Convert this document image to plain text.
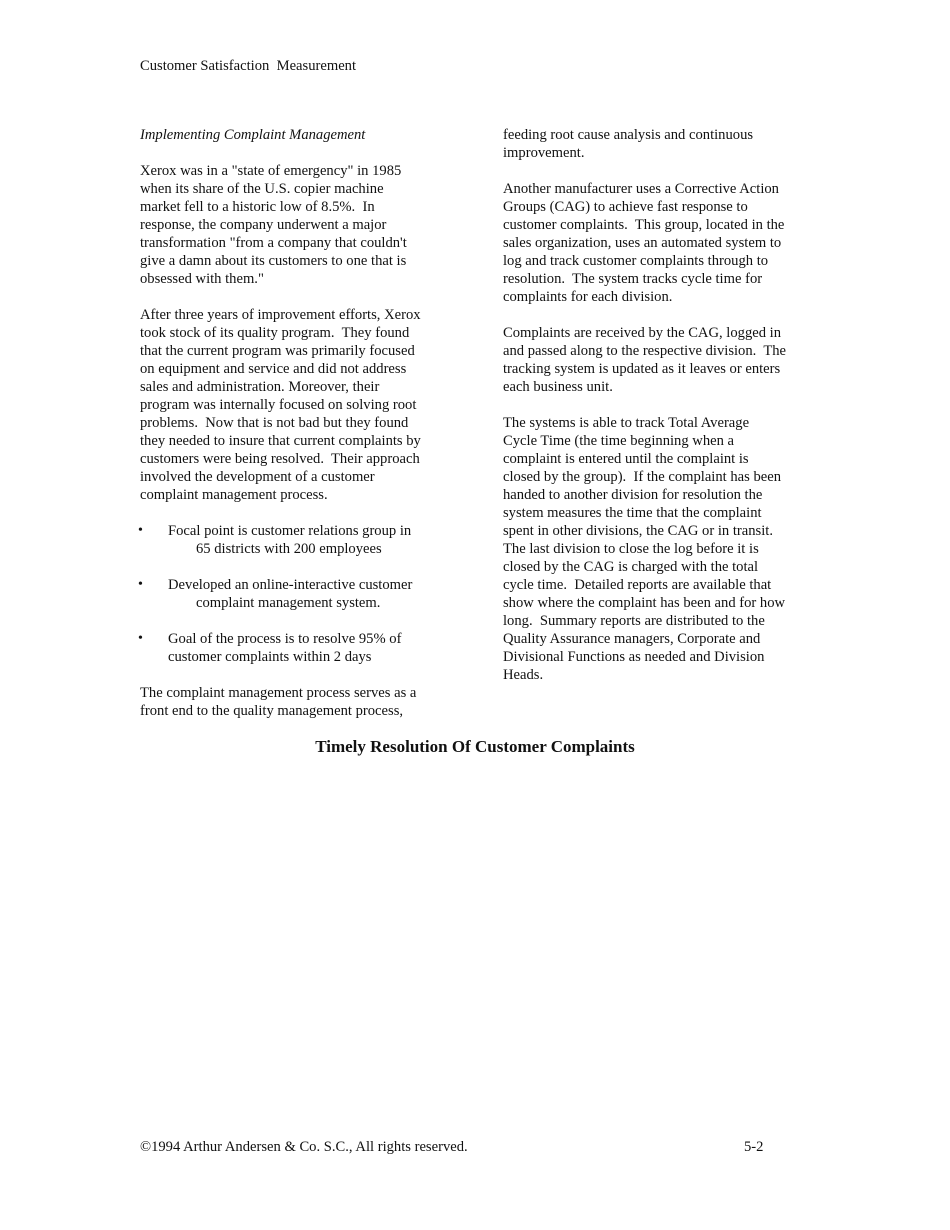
Customer Satisfaction  Measurement
Implementing Complaint Management
Xerox was in a "state of emergency" in 1985
when its share of the U.S. copier machine
market fell to a historic low of 8.5%.  In
response, the company underwent a major
transformation "from a company that couldn't
give a damn about its customers to one that is
obsessed with them."
After three years of improvement efforts, Xerox
took stock of its quality program.  They found
that the current program was primarily focused
on equipment and service and did not address
sales and administration. Moreover, their
program was internally focused on solving root
problems.  Now that is not bad but they found
they needed to insure that current complaints by
customers were being resolved.  Their approach
involved the development of a customer
complaint management process.
• Focal point is customer relations group in
65 districts with 200 employees
• Developed an online-interactive customer
complaint management system.
• Goal of the process is to resolve 95% of
customer complaints within 2 days
The complaint management process serves as a
front end to the quality management process,
feeding root cause analysis and continuous
improvement.
Another manufacturer uses a Corrective Action
Groups (CAG) to achieve fast response to
customer complaints.  This group, located in the
sales organization, uses an automated system to
log and track customer complaints through to
resolution.  The system tracks cycle time for
complaints for each division.
Complaints are received by the CAG, logged in
and passed along to the respective division.  The
tracking system is updated as it leaves or enters
each business unit.
The systems is able to track Total Average
Cycle Time (the time beginning when a
complaint is entered until the complaint is
closed by the group).  If the complaint has been
handed to another division for resolution the
system measures the time that the complaint
spent in other divisions, the CAG or in transit.
The last division to close the log before it is
closed by the CAG is charged with the total
cycle time.  Detailed reports are available that
show where the complaint has been and for how
long.  Summary reports are distributed to the
Quality Assurance managers, Corporate and
Divisional Functions as needed and Division
Heads.
Timely Resolution Of Customer Complaints
©1994 Arthur Andersen & Co. S.C., All rights reserved.	5-2
